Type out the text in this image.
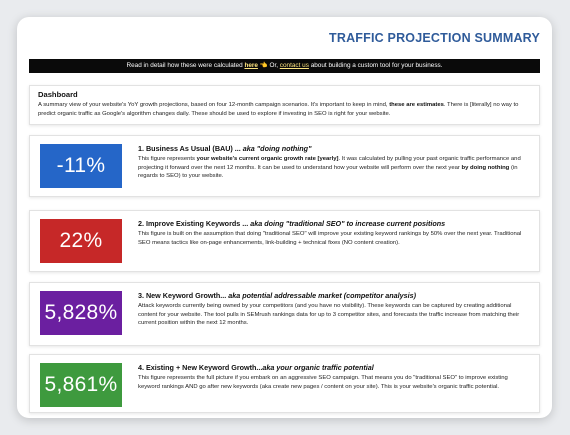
TRAFFIC PROJECTION SUMMARY
Read in detail how these were calculated here 👈 Or, contact us about building a custom tool for your business.
Dashboard
A summary view of your website's YoY growth projections, based on four 12-month campaign scenarios. It's important to keep in mind, these are estimates. There is [literally] no way to predict organic traffic as Google's algorithm changes daily. These should be used to explore if investing in SEO is right for your website.
-11%
1. Business As Usual (BAU) ... aka "doing nothing"
This figure represents your website's current organic growth rate [yearly]. It was calculated by pulling your past organic traffic performance and projecting it forward over the next 12 months. It can be used to understand how your website will perform over the next year by doing nothing (in regards to SEO) to your website.
22%
2. Improve Existing Keywords ... aka doing "traditional SEO" to increase current positions
This figure is built on the assumption that doing "traditional SEO" will improve your existing keyword rankings by 50% over the next year. Traditional SEO means tactics like on-page enhancements, link-building + technical fixes (NO content creation).
5,828%
3. New Keyword Growth... aka potential addressable market (competitor analysis)
Attack keywords currently being owned by your competitors (and you have no visibility). These keywords can be captured by creating additional content for your website. The tool pulls in SEMrush rankings data for up to 3 competitor sites, and forecasts the traffic increase from matching their current position within the next 12 months.
5,861%
4. Existing + New Keyword Growth...aka your organic traffic potential
This figure represents the full picture if you embark on an aggressive SEO campaign. That means you do "traditional SEO" to improve existing keyword rankings AND go after new keywords (aka create new pages / content on your site). This is your website's organic traffic potential.
